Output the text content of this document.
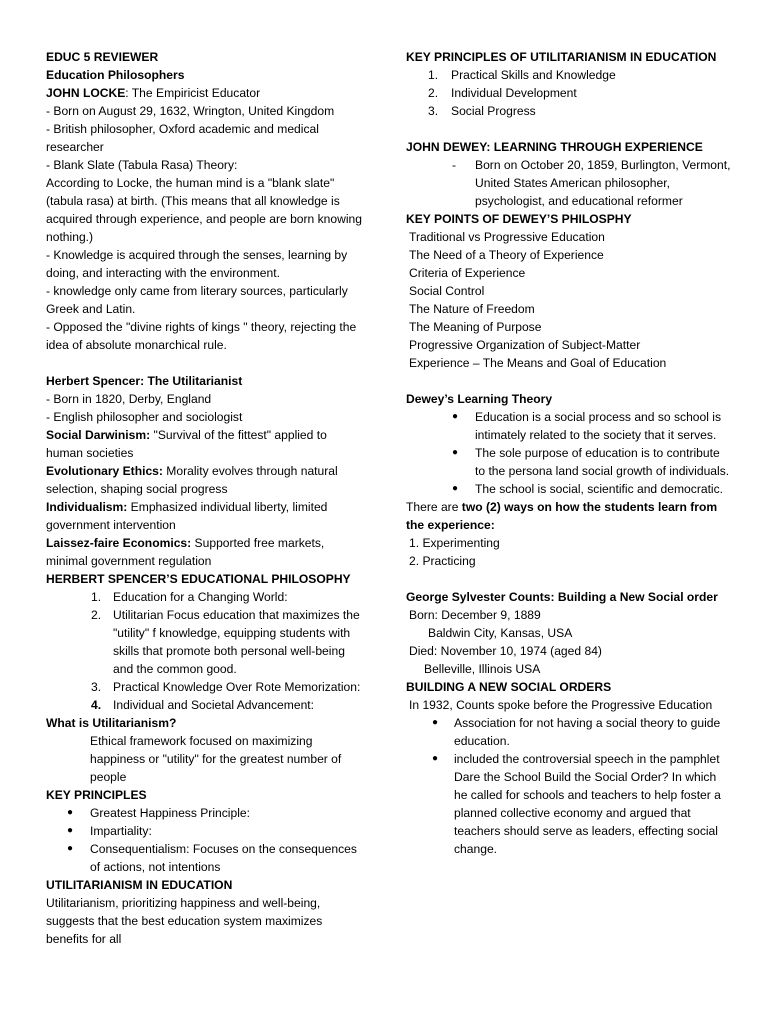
EDUC 5 REVIEWER

Education Philosophers

JOHN LOCKE: The Empiricist Educator

- Born on August 29, 1632, Wrington, United Kingdom

- British philosopher, Oxford academic and medical researcher

- Blank Slate (Tabula Rasa) Theory:

According to Locke, the human mind is a "blank slate" (tabula rasa) at birth. (This means that all knowledge is acquired through experience, and people are born knowing nothing.)

- Knowledge is acquired through the senses, learning by doing, and interacting with the environment.

- knowledge only came from literary sources, particularly Greek and Latin.

- Opposed the "divine rights of kings " theory, rejecting the idea of absolute monarchical rule.

Herbert Spencer: The Utilitarianist

- Born in 1820, Derby, England

- English philosopher and sociologist

Social Darwinism: "Survival of the fittest" applied to human societies

Evolutionary Ethics: Morality evolves through natural selection, shaping social progress

Individualism: Emphasized individual liberty, limited government intervention

Laissez-faire Economics: Supported free markets, minimal government regulation

HERBERT SPENCER’S EDUCATIONAL PHILOSOPHY

1. Education for a Changing World:
2. Utilitarian Focus education that maximizes the "utility" f knowledge, equipping students with skills that promote both personal well-being and the common good.
3. Practical Knowledge Over Rote Memorization:
4. Individual and Societal Advancement:

What is Utilitarianism?

Ethical framework focused on maximizing happiness or "utility" for the greatest number of people

KEY PRINCIPLES

● Greatest Happiness Principle:
● Impartiality:
● Consequentialism: Focuses on the consequences of actions, not intentions

UTILITARIANISM IN EDUCATION

Utilitarianism, prioritizing happiness and well-being, suggests that the best education system maximizes benefits for all

KEY PRINCIPLES OF UTILITARIANISM IN EDUCATION

1. Practical Skills and Knowledge
2. Individual Development
3. Social Progress

JOHN DEWEY: LEARNING THROUGH EXPERIENCE

- Born on October 20, 1859, Burlington, Vermont, United States American philosopher, psychologist, and educational reformer

KEY POINTS OF DEWEY’S PHILOSPHY

Traditional vs Progressive Education

The Need of a Theory of Experience

Criteria of Experience

Social Control

The Nature of Freedom

The Meaning of Purpose

Progressive Organization of Subject-Matter

Experience – The Means and Goal of Education

Dewey’s Learning Theory

● Education is a social process and so school is intimately related to the society that it serves.
● The sole purpose of education is to contribute to the persona land social growth of individuals.
● The school is social, scientific and democratic.

There are two (2) ways on how the students learn from the experience:

1. Experimenting

2. Practicing

George Sylvester Counts: Building a New Social order

Born: December 9, 1889

Baldwin City, Kansas, USA

Died: November 10, 1974 (aged 84)

Belleville, Illinois USA

BUILDING A NEW SOCIAL ORDERS

In 1932, Counts spoke before the Progressive Education

● Association for not having a social theory to guide education.
● included the controversial speech in the pamphlet Dare the School Build the Social Order? In which he called for schools and teachers to help foster a planned collective economy and argued that teachers should serve as leaders, effecting social change.
